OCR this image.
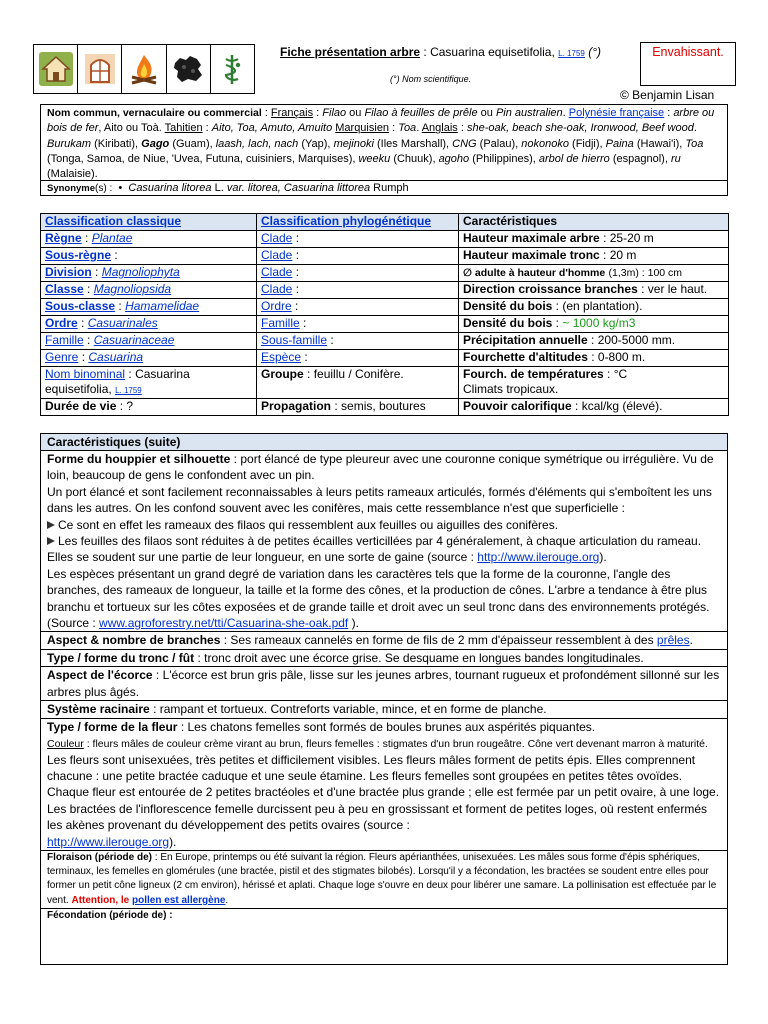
Fiche présentation arbre : Casuarina equisetifolia, L. 1759 (°)
(°) Nom scientifique.
Envahissant.
© Benjamin Lisan
Nom commun, vernaculaire ou commercial : Français : Filao ou Filao à feuilles de prêle ou Pin australien. Polynésie française : arbre ou bois de fer, Aito ou Toà. Tahitien : Aito, Toa, Amuto, Amuito Marquisien : Toa. Anglais : she-oak, beach she-oak, Ironwood, Beef wood. Burukam (Kiribati), Gago (Guam), laash, lach, nach (Yap), mejinoki (Iles Marshall), CNG (Palau), nokonoko (Fidji), Paina (Hawai'i), Toa (Tonga, Samoa, de Niue, 'Uvea, Futuna, cuisiniers, Marquises), weeku (Chuuk), agoho (Philippines), arbol de hierro (espagnol), ru (Malaisie).
Synonyme(s) : • Casuarina litorea L. var. litorea, Casuarina littorea Rumph
Classification classique	Classification phylogénétique	Caractéristiques
Règne : Plantae	Clade :	Hauteur maximale arbre : 25-20 m
Sous-règne :	Clade :	Hauteur maximale tronc : 20 m
Division : Magnoliophyta	Clade :	∅ adulte à hauteur d'homme (1,3m) : 100 cm
Classe : Magnoliopsida	Clade :	Direction croissance branches : ver le haut.
Sous-classe : Hamamelidae	Ordre :	Densité du bois : (en plantation).
Ordre : Casuarinales	Famille :	Densité du bois : ~ 1000 kg/m3
Famille : Casuarinaceae	Sous-famille :	Précipitation annuelle : 200-5000 mm.
Genre : Casuarina	Espèce :	Fourchette d'altitudes : 0-800 m.
Nom binominal : Casuarina equisetifolia, L. 1759	Groupe : feuillu / Conifère.	Fourch. de températures : °C
Climats tropicaux.
Durée de vie : ?	Propagation : semis, boutures	Pouvoir calorifique : kcal/kg (élevé).
Caractéristiques (suite)
Forme du houppier et silhouette : port élancé de type pleureur avec une couronne conique symétrique ou irrégulière. Vu de loin, beaucoup de gens le confondent avec un pin.
Un port élancé et sont facilement reconnaissables à leurs petits rameaux articulés, formés d'éléments qui s'emboîtent les uns dans les autres. On les confond souvent avec les conifères, mais cette ressemblance n'est que superficielle :
Ce sont en effet les rameaux des filaos qui ressemblent aux feuilles ou aiguilles des conifères.
Les feuilles des filaos sont réduites à de petites écailles verticillées par 4 généralement, à chaque articulation du rameau. Elles se soudent sur une partie de leur longueur, en une sorte de gaine (source : http://www.ilerouge.org).
Les espèces présentant un grand degré de variation dans les caractères tels que la forme de la couronne, l'angle des branches, des rameaux de longueur, la taille et la forme des cônes, et la production de cônes. L'arbre a tendance à être plus branchu et tortueux sur les côtes exposées et de grande taille et droit avec un seul tronc dans des environnements protégés. (Source : www.agroforestry.net/tti/Casuarina-she-oak.pdf ).
Aspect & nombre de branches : Ses rameaux cannelés en forme de fils de 2 mm d'épaisseur ressemblent à des prêles.
Type / forme du tronc / fût : tronc droit avec une écorce grise. Se desquame en longues bandes longitudinales.
Aspect de l'écorce : L'écorce est brun gris pâle, lisse sur les jeunes arbres, tournant rugueux et profondément sillonné sur les arbres plus âgés.
Système racinaire : rampant et tortueux. Contreforts variable, mince, et en forme de planche.
Type / forme de la fleur : Les chatons femelles sont formés de boules brunes aux aspérités piquantes.
Couleur : fleurs mâles de couleur crème virant au brun, fleurs femelles : stigmates d'un brun rougeâtre. Cône vert devenant marron à maturité.
Les fleurs sont unisexuées, très petites et difficilement visibles. Les fleurs mâles forment de petits épis. Elles comprennent chacune : une petite bractée caduque et une seule étamine. Les fleurs femelles sont groupées en petites têtes ovoïdes. Chaque fleur est entourée de 2 petites bractéoles et d'une bractée plus grande ; elle est fermée par un petit ovaire, à une loge. Les bractées de l'inflorescence femelle durcissent peu à peu en grossissant et forment de petites loges, où restent enfermés les akènes provenant du développement des petits ovaires (source :
http://www.ilerouge.org).
Floraison (période de) : En Europe, printemps ou été suivant la région. Fleurs apérianthées, unisexuées. Les mâles sous forme d'épis sphériques, terminaux, les femelles en glomérules (une bractée, pistil et des stigmates bilobés). Lorsqu'il y a fécondation, les bractées se soudent entre elles pour former un petit cône ligneux (2 cm environ), hérissé et aplati. Chaque loge s'ouvre en deux pour libérer une samare. La pollinisation est effectuée par le vent. Attention, le pollen est allergène.
Fécondation (période de) :
